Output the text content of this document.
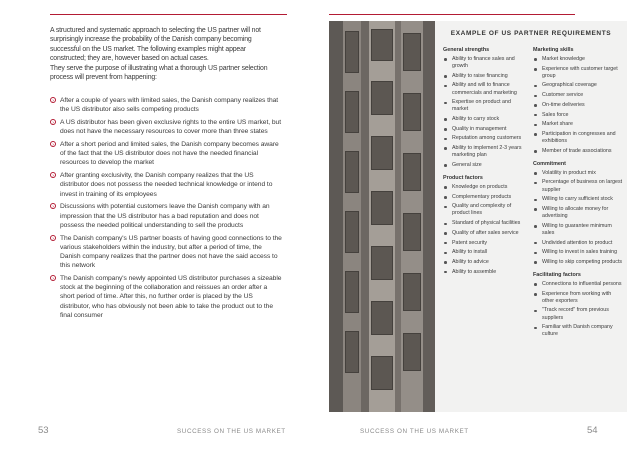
A structured and systematic approach to selecting the US partner will not surprisingly increase the probability of the Danish company becoming successful on the US market. The following examples might appear constructed; they are, however based on actual cases.

They serve the purpose of illustrating what a thorough US partner selection process will prevent from happening:

› After a couple of years with limited sales, the Danish company realizes that the US distributor also sells competing products
› A US distributor has been given exclusive rights to the entire US market, but does not have the necessary resources to cover more than three states
› After a short period and limited sales, the Danish company becomes aware of the fact that the US distributor does not have the needed financial resources to develop the market
› After granting exclusivity, the Danish company realizes that the US distributor does not possess the needed technical knowledge or intend to invest in training of its employees
› Discussions with potential customers leave the Danish company with an impression that the US distributor has a bad reputation and does not possess the needed political understanding to sell the products
› The Danish company's US partner boasts of having good connections to the various stakeholders within the industry, but after a period of time, the Danish company realizes that the partner does not have the said access to this network
› The Danish company's newly appointed US distributor purchases a sizeable stock at the beginning of the collaboration and reissues an order after a short period of time. After this, no further order is placed by the US distributor, who has obviously not been able to take the product out to the final consumer
53	SUCCESS ON THE US MARKET
EXAMPLE OF US PARTNER REQUIREMENTS
General strengths
Ability to finance sales and growth
Ability to raise financing
Ability and will to finance commercials and marketing
Expertise on product and market
Ability to carry stock
Quality in management
Reputation among customers
Ability to implement 2-3 years marketing plan
General size
Product factors
Knowledge on products
Complementary products
Quality and complexity of product lines
Standard of physical facilities
Quality of after sales service
Patent security
Ability to install
Ability to advice
Ability to assemble
Marketing skills
Market knowledge
Experience with customer target group
Geographical coverage
Customer service
On-time deliveries
Sales force
Market share
Participation in congresses and exhibitions
Member of trade associations
Commitment
Volatility in product mix
Percentage of business on largest supplier
Willing to carry sufficient stock
Willing to allocate money for advertising
Willing to guarantee minimum sales
Undivided attention to product
Willing to invest in sales training
Willing to skip competing products
Facilitating factors
Connections to influential persons
Experience from working with other exporters
"Track record" from previous suppliers
Familiar with Danish company culture
SUCCESS ON THE US MARKET	54
